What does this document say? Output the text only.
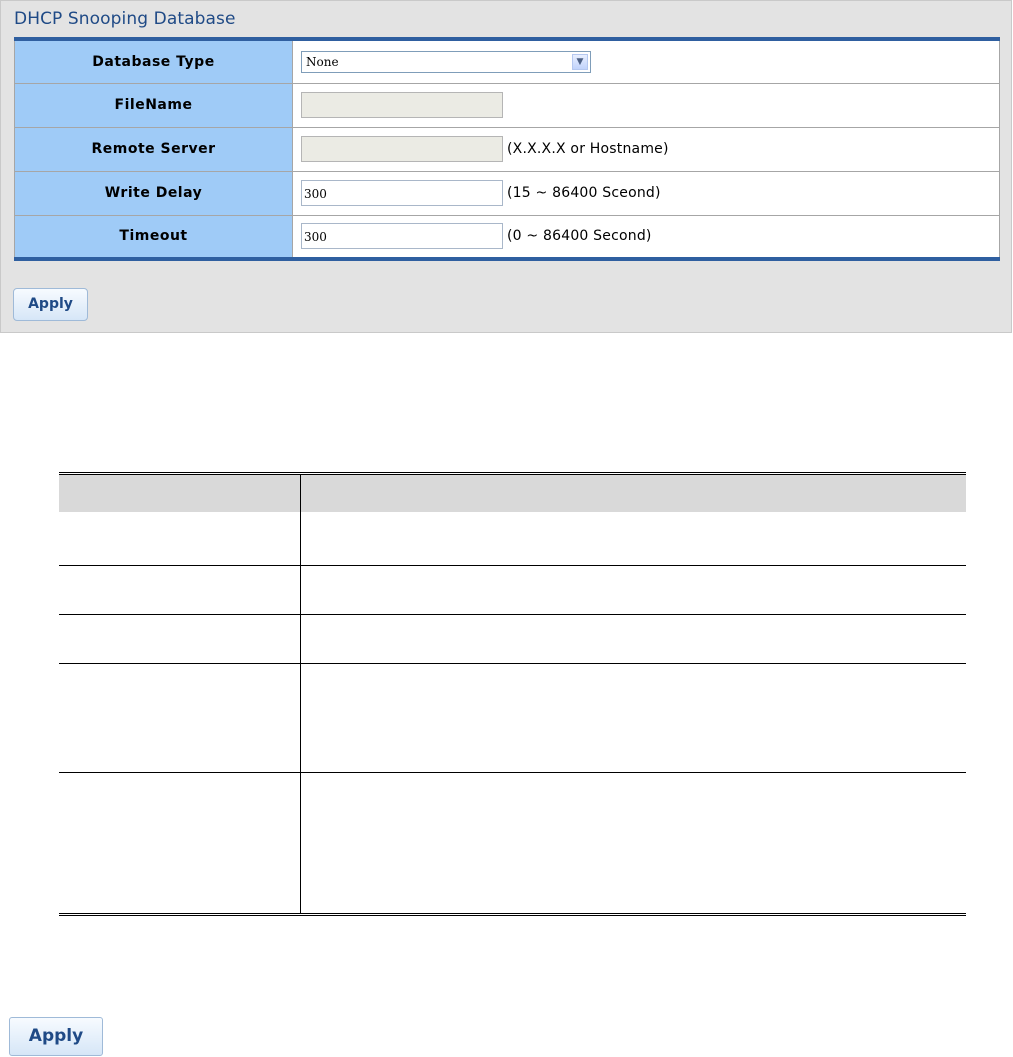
DHCP Snooping Database
Database Type	None ▼

FileName	
Remote Server	(X.X.X.X or Hostname)
Write Delay	300 (15 ~ 86400 Sceond)
Timeout	300 (0 ~ 86400 Second)
Apply

Apply
